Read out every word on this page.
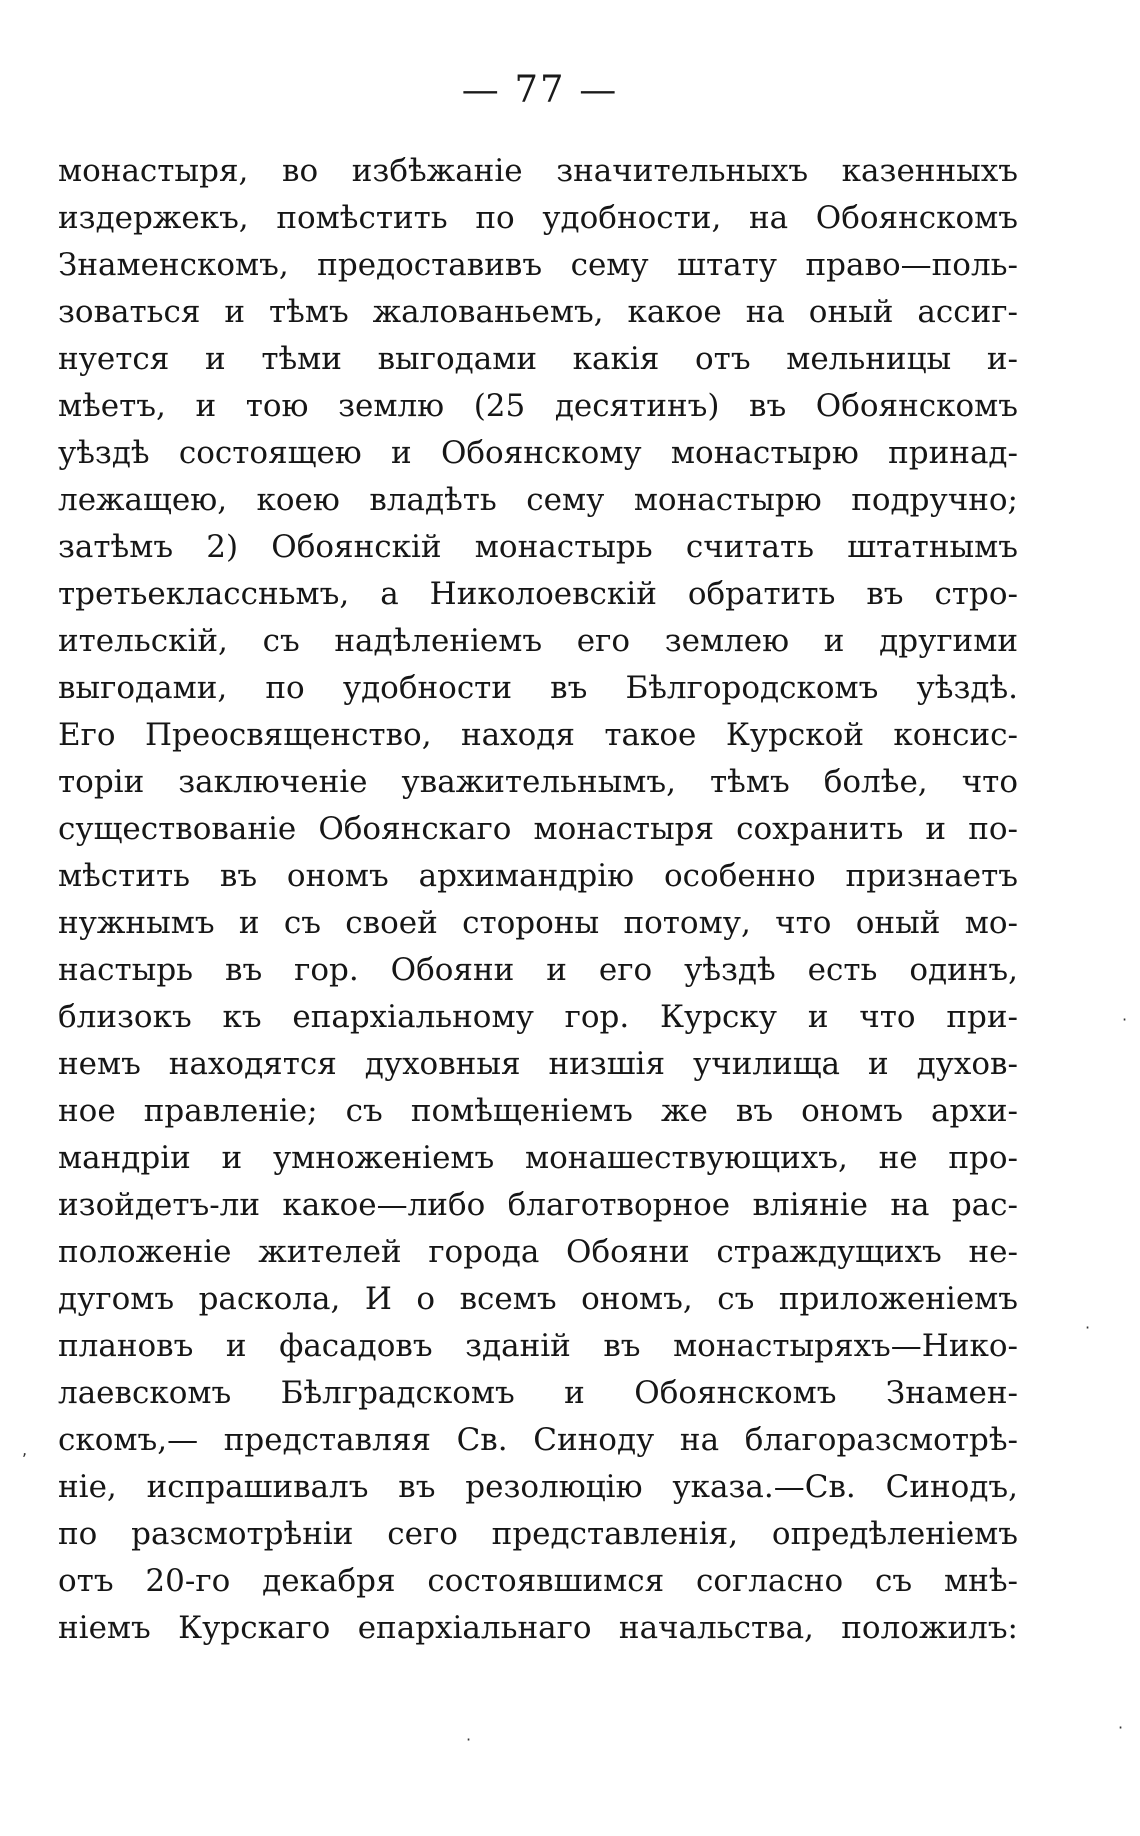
— 77 —
монастыря, во избѣжаніе значительныхъ казенныхъ
издержекъ, помѣстить по удобности, на Обоянскомъ
Знаменскомъ, предоставивъ сему штату право—поль-
зоваться и тѣмъ жалованьемъ, какое на оный ассиг-
нуется и тѣми выгодами какія отъ мельницы и-
мѣетъ, и тою землю (25 десятинъ) въ Обоянскомъ
уѣздѣ состоящею и Обоянскому монастырю принад-
лежащею, коею владѣть сему монастырю подручно;
затѣмъ 2) Обоянскій монастырь считать штатнымъ
третьеклассньмъ, а Николоевскій обратить въ стро-
ительскій, съ надѣленіемъ его землею и другими
выгодами, по удобности въ Бѣлгородскомъ уѣздѣ.
Его Преосвященство, находя такое Курской консис-
торіи заключеніе уважительнымъ, тѣмъ болѣе, что
существованіе Обоянскаго монастыря сохранить и по-
мѣстить въ ономъ архимандрію особенно признаетъ
нужнымъ и съ своей стороны потому, что оный мо-
настырь въ гор. Обояни и его уѣздѣ есть одинъ,
близокъ къ епархіальному гор. Курску и что при-
немъ находятся духовныя низшія училища и духов-
ное правленіе; съ помѣщеніемъ же въ ономъ архи-
мандріи и умноженіемъ монашествующихъ, не про-
изойдетъ-ли какое—либо благотворное вліяніе на рас-
положеніе жителей города Обояни страждущихъ не-
дугомъ раскола, И о всемъ ономъ, съ приложеніемъ
плановъ и фасадовъ зданій въ монастыряхъ—Нико-
лаевскомъ Бѣлградскомъ и Обоянскомъ Знамен-
скомъ,— представляя Св. Синоду на благоразсмотрѣ-
ніе, испрашивалъ въ резолюцію указа.—Св. Синодъ,
по разсмотрѣніи сего представленія, опредѣленіемъ
отъ 20-го декабря состоявшимся согласно съ мнѣ-
ніемъ Курскаго епархіальнаго начальства, положилъ:
·
·
,
·
·
